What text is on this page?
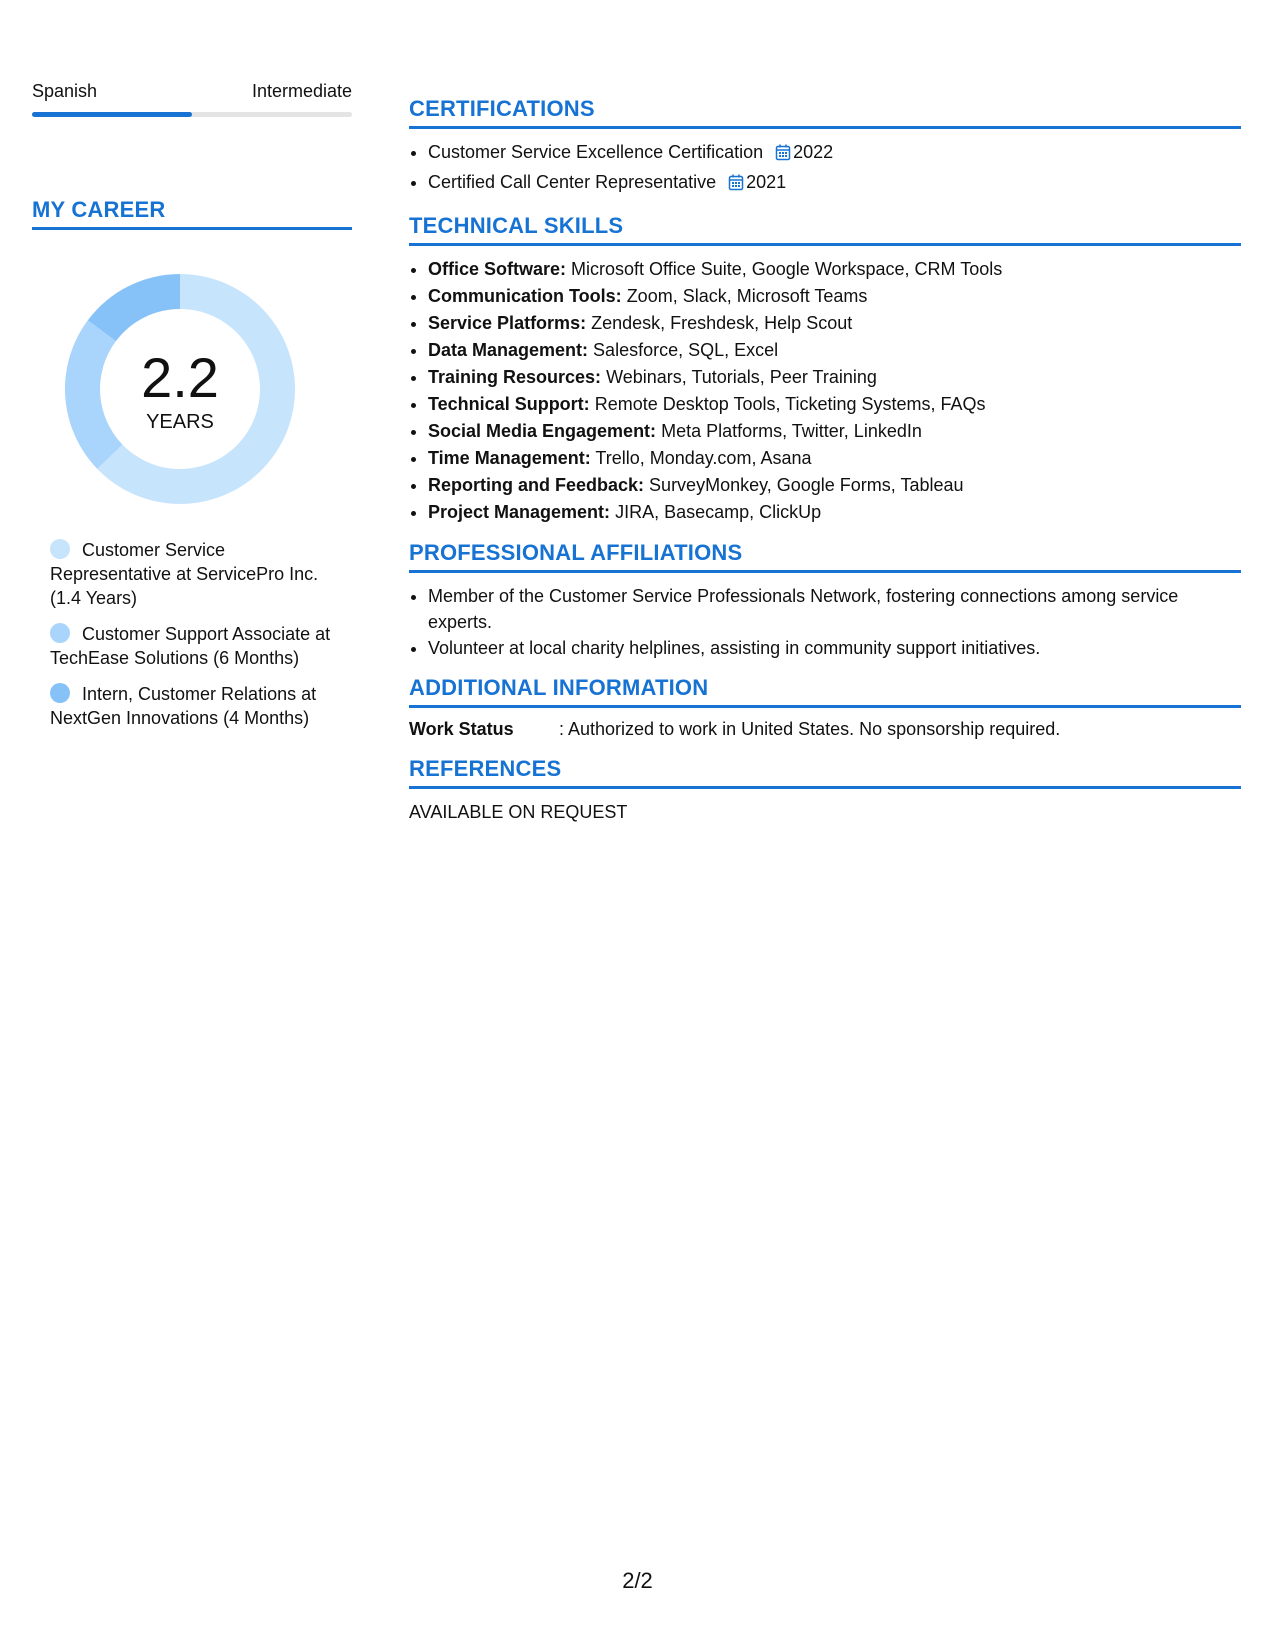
Spanish	Intermediate
MY CAREER
2.2
YEARS
Customer Service Representative at ServicePro Inc. (1.4 Years)
Customer Support Associate at TechEase Solutions (6 Months)
Intern, Customer Relations at NextGen Innovations (4 Months)
CERTIFICATIONS
• Customer Service Excellence Certification 2022
• Certified Call Center Representative 2021
TECHNICAL SKILLS
• Office Software: Microsoft Office Suite, Google Workspace, CRM Tools
• Communication Tools: Zoom, Slack, Microsoft Teams
• Service Platforms: Zendesk, Freshdesk, Help Scout
• Data Management: Salesforce, SQL, Excel
• Training Resources: Webinars, Tutorials, Peer Training
• Technical Support: Remote Desktop Tools, Ticketing Systems, FAQs
• Social Media Engagement: Meta Platforms, Twitter, LinkedIn
• Time Management: Trello, Monday.com, Asana
• Reporting and Feedback: SurveyMonkey, Google Forms, Tableau
• Project Management: JIRA, Basecamp, ClickUp
PROFESSIONAL AFFILIATIONS
• Member of the Customer Service Professionals Network, fostering connections among service experts.
• Volunteer at local charity helplines, assisting in community support initiatives.
ADDITIONAL INFORMATION
Work Status	: Authorized to work in United States. No sponsorship required.
REFERENCES
AVAILABLE ON REQUEST
2/2
